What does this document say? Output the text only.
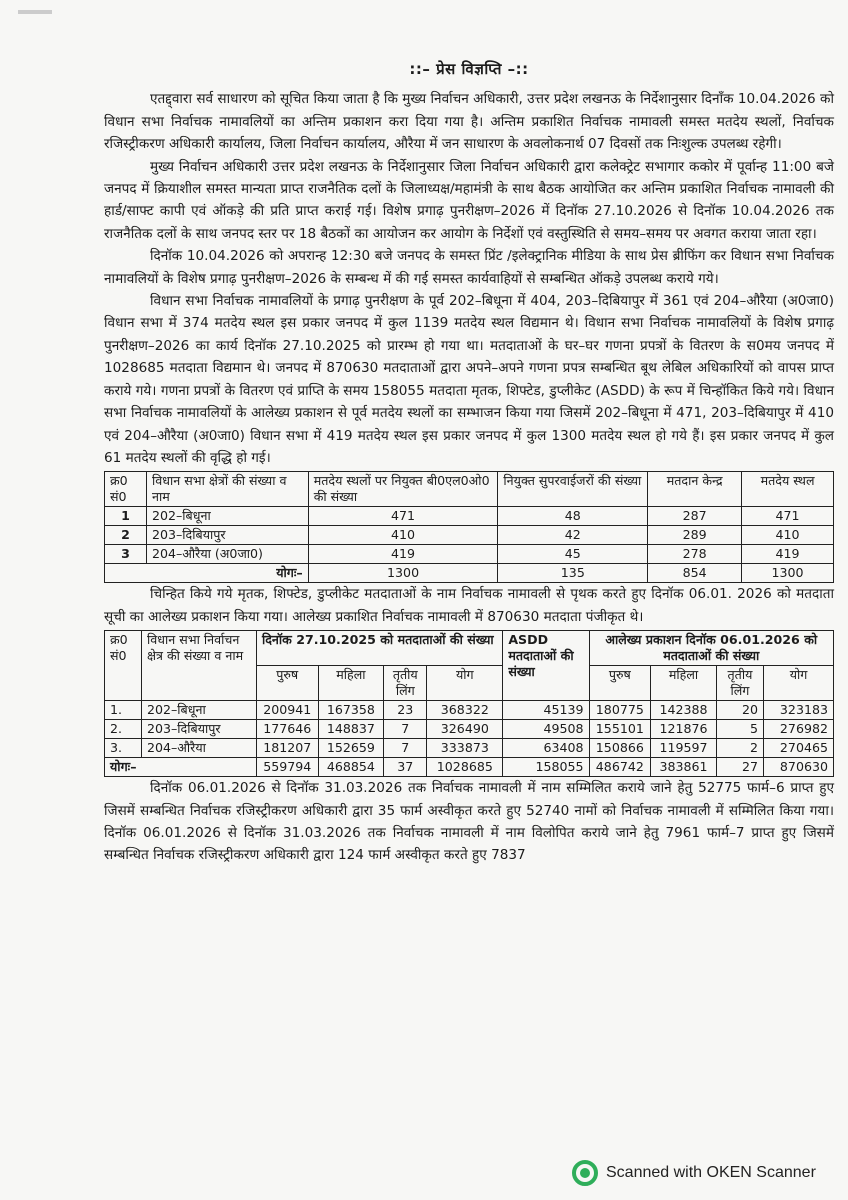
::– प्रेस विज्ञप्ति –::

एतद्द्वारा सर्व साधारण को सूचित किया जाता है कि मुख्य निर्वाचन अधिकारी, उत्तर प्रदेश लखनऊ के निर्देशानुसार दिनाँक 10.04.2026 को विधान सभा निर्वाचक नामावलियों का अन्तिम प्रकाशन करा दिया गया है। अन्तिम प्रकाशित निर्वाचक नामावली समस्त मतदेय स्थलों, निर्वाचक रजिस्ट्रीकरण अधिकारी कार्यालय, जिला निर्वाचन कार्यालय, औरैया में जन साधारण के अवलोकनार्थ 07 दिवसों तक निःशुल्क उपलब्ध रहेगी।

मुख्य निर्वाचन अधिकारी उत्तर प्रदेश लखनऊ के निर्देशानुसार जिला निर्वाचन अधिकारी द्वारा कलेक्ट्रेट सभागार ककोर में पूर्वान्ह 11:00 बजे जनपद में क्रियाशील समस्त मान्यता प्राप्त राजनैतिक दलों के जिलाध्यक्ष/महामंत्री के साथ बैठक आयोजित कर अन्तिम प्रकाशित निर्वाचक नामावली की हार्ड/साफ्ट कापी एवं ऑकड़े की प्रति प्राप्त कराई गई। विशेष प्रगाढ़ पुनरीक्षण–2026 में दिनॉक 27.10.2026 से दिनॉक 10.04.2026 तक राजनैतिक दलों के साथ जनपद स्तर पर 18 बैठकों का आयोजन कर आयोग के निर्देशों एवं वस्तुस्थिति से समय–समय पर अवगत कराया जाता रहा।

दिनॉक 10.04.2026 को अपरान्ह 12:30 बजे जनपद के समस्त प्रिंट /इलेक्ट्रानिक मीडिया के साथ प्रेस ब्रीफिंग कर विधान सभा निर्वाचक नामावलियों के विशेष प्रगाढ़ पुनरीक्षण–2026 के सम्बन्ध में की गई समस्त कार्यवाहियों से सम्बन्धित ऑकड़े उपलब्ध कराये गये।

विधान सभा निर्वाचक नामावलियों के प्रगाढ़ पुनरीक्षण के पूर्व 202–बिधूना में 404, 203–दिबियापुर में 361 एवं 204–औरैया (अ0जा0) विधान सभा में 374 मतदेय स्थल इस प्रकार जनपद में कुल 1139 मतदेय स्थल विद्यमान थे। विधान सभा निर्वाचक नामावलियों के विशेष प्रगाढ़ पुनरीक्षण–2026 का कार्य दिनॉक 27.10.2025 को प्रारम्भ हो गया था। मतदाताओं के घर–घर गणना प्रपत्रों के वितरण के स0मय जनपद में 1028685 मतदाता विद्यमान थे। जनपद में 870630 मतदाताओं द्वारा अपने–अपने गणना प्रपत्र सम्बन्धित बूथ लेबिल अधिकारियों को वापस प्राप्त कराये गये। गणना प्रपत्रों के वितरण एवं प्राप्ति के समय 158055 मतदाता मृतक, शिफ्टेड, डुप्लीकेट (ASDD) के रूप में चिन्हॉकित किये गये। विधान सभा निर्वाचक नामावलियों के आलेख्य प्रकाशन से पूर्व मतदेय स्थलों का सम्भाजन किया गया जिसमें 202–बिधूना में 471, 203–दिबियापुर में 410 एवं 204–औरैया (अ0जा0) विधान सभा में 419 मतदेय स्थल इस प्रकार जनपद में कुल 1300 मतदेय स्थल हो गये हैं। इस प्रकार जनपद में कुल 61 मतदेय स्थलों की वृद्धि हो गई।

क्र0 सं0	विधान सभा क्षेत्रों की संख्या व नाम	मतदेय स्थलों पर नियुक्त बी0एल0ओ0 की संख्या	नियुक्त सुपरवाईजरों की संख्या	मतदान केन्द्र	मतदेय स्थल
1	202–बिधूना	471	48	287	471
2	203–दिबियापुर	410	42	289	410
3	204–औरैया (अ0जा0)	419	45	278	419
योगः–		1300	135	854	1300

चिन्हित किये गये मृतक, शिफ्टेड, डुप्लीकेट मतदाताओं के नाम निर्वाचक नामावली से पृथक करते हुए दिनॉक 06.01. 2026 को मतदाता सूची का आलेख्य प्रकाशन किया गया। आलेख्य प्रकाशित निर्वाचक नामावली में 870630 मतदाता पंजीकृत थे।

क्र0 सं0	विधान सभा निर्वाचन क्षेत्र की संख्या व नाम	दिनॉक 27.10.2025 को मतदाताओं की संख्या				ASDD मतदाताओं की संख्या	आलेख्य प्रकाशन दिनॉक 06.01.2026 को मतदाताओं की संख्या			
		पुरुष	महिला	तृतीय लिंग	योग		पुरुष	महिला	तृतीय लिंग	योग
1.	202–बिधूना	200941	167358	23	368322	45139	180775	142388	20	323183
2.	203–दिबियापुर	177646	148837	7	326490	49508	155101	121876	5	276982
3.	204–औरैया	181207	152659	7	333873	63408	150866	119597	2	270465
योगः–		559794	468854	37	1028685	158055	486742	383861	27	870630

दिनॉक 06.01.2026 से दिनॉक 31.03.2026 तक निर्वाचक नामावली में नाम सम्मिलित कराये जाने हेतु 52775 फार्म–6 प्राप्त हुए जिसमें सम्बन्धित निर्वाचक रजिस्ट्रीकरण अधिकारी द्वारा 35 फार्म अस्वीकृत करते हुए 52740 नामों को निर्वाचक नामावली में सम्मिलित किया गया। दिनॉक 06.01.2026 से दिनॉक 31.03.2026 तक निर्वाचक नामावली में नाम विलोपित कराये जाने हेतु 7961 फार्म–7 प्राप्त हुए जिसमें सम्बन्धित निर्वाचक रजिस्ट्रीकरण अधिकारी द्वारा 124 फार्म अस्वीकृत करते हुए 7837

Scanned with OKEN Scanner
